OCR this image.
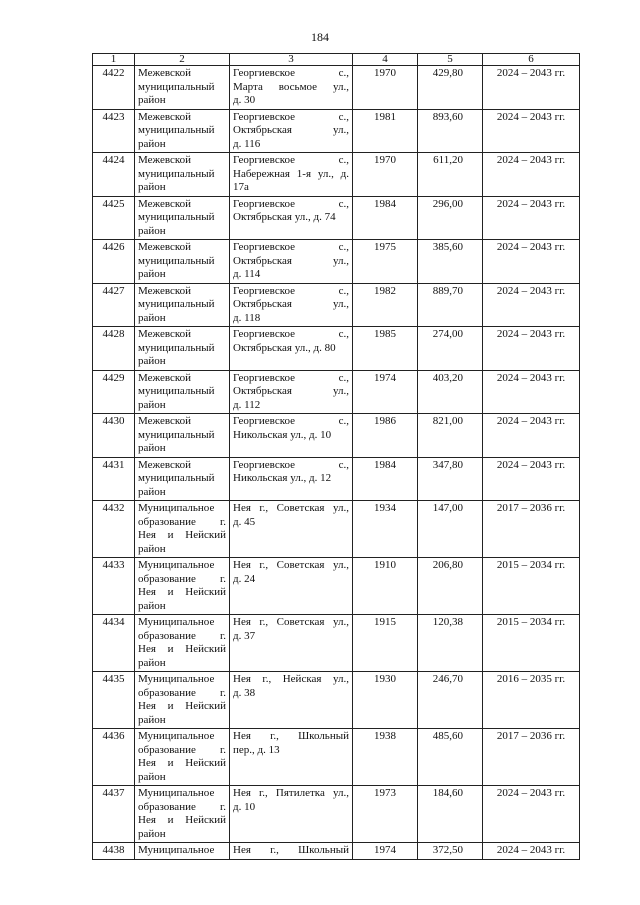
184
1	2	3	4	5	6
4422	Межевской
муниципальный
район	Георгиевское с.,
Марта восьмое ул.,
д. 30	1970	429,80	2024 – 2043 гг.
4423	Межевской
муниципальный
район	Георгиевское с.,
Октябрьская ул.,
д. 116	1981	893,60	2024 – 2043 гг.
4424	Межевской
муниципальный
район	Георгиевское с.,
Набережная 1-я ул., д.
17а	1970	611,20	2024 – 2043 гг.
4425	Межевской
муниципальный
район	Георгиевское с.,
Октябрьская ул., д. 74	1984	296,00	2024 – 2043 гг.
4426	Межевской
муниципальный
район	Георгиевское с.,
Октябрьская ул.,
д. 114	1975	385,60	2024 – 2043 гг.
4427	Межевской
муниципальный
район	Георгиевское с.,
Октябрьская ул.,
д. 118	1982	889,70	2024 – 2043 гг.
4428	Межевской
муниципальный
район	Георгиевское с.,
Октябрьская ул., д. 80	1985	274,00	2024 – 2043 гг.
4429	Межевской
муниципальный
район	Георгиевское с.,
Октябрьская ул.,
д. 112	1974	403,20	2024 – 2043 гг.
4430	Межевской
муниципальный
район	Георгиевское с.,
Никольская ул., д. 10	1986	821,00	2024 – 2043 гг.
4431	Межевской
муниципальный
район	Георгиевское с.,
Никольская ул., д. 12	1984	347,80	2024 – 2043 гг.
4432	Муниципальное
образование г.
Нея и Нейский
район	Нея г., Советская ул.,
д. 45	1934	147,00	2017 – 2036 гг.
4433	Муниципальное
образование г.
Нея и Нейский
район	Нея г., Советская ул.,
д. 24	1910	206,80	2015 – 2034 гг.
4434	Муниципальное
образование г.
Нея и Нейский
район	Нея г., Советская ул.,
д. 37	1915	120,38	2015 – 2034 гг.
4435	Муниципальное
образование г.
Нея и Нейский
район	Нея г., Нейская ул.,
д. 38	1930	246,70	2016 – 2035 гг.
4436	Муниципальное
образование г.
Нея и Нейский
район	Нея г., Школьный
пер., д. 13	1938	485,60	2017 – 2036 гг.
4437	Муниципальное
образование г.
Нея и Нейский
район	Нея г., Пятилетка ул.,
д. 10	1973	184,60	2024 – 2043 гг.
4438	Муниципальное	Нея г., Школьный	1974	372,50	2024 – 2043 гг.
